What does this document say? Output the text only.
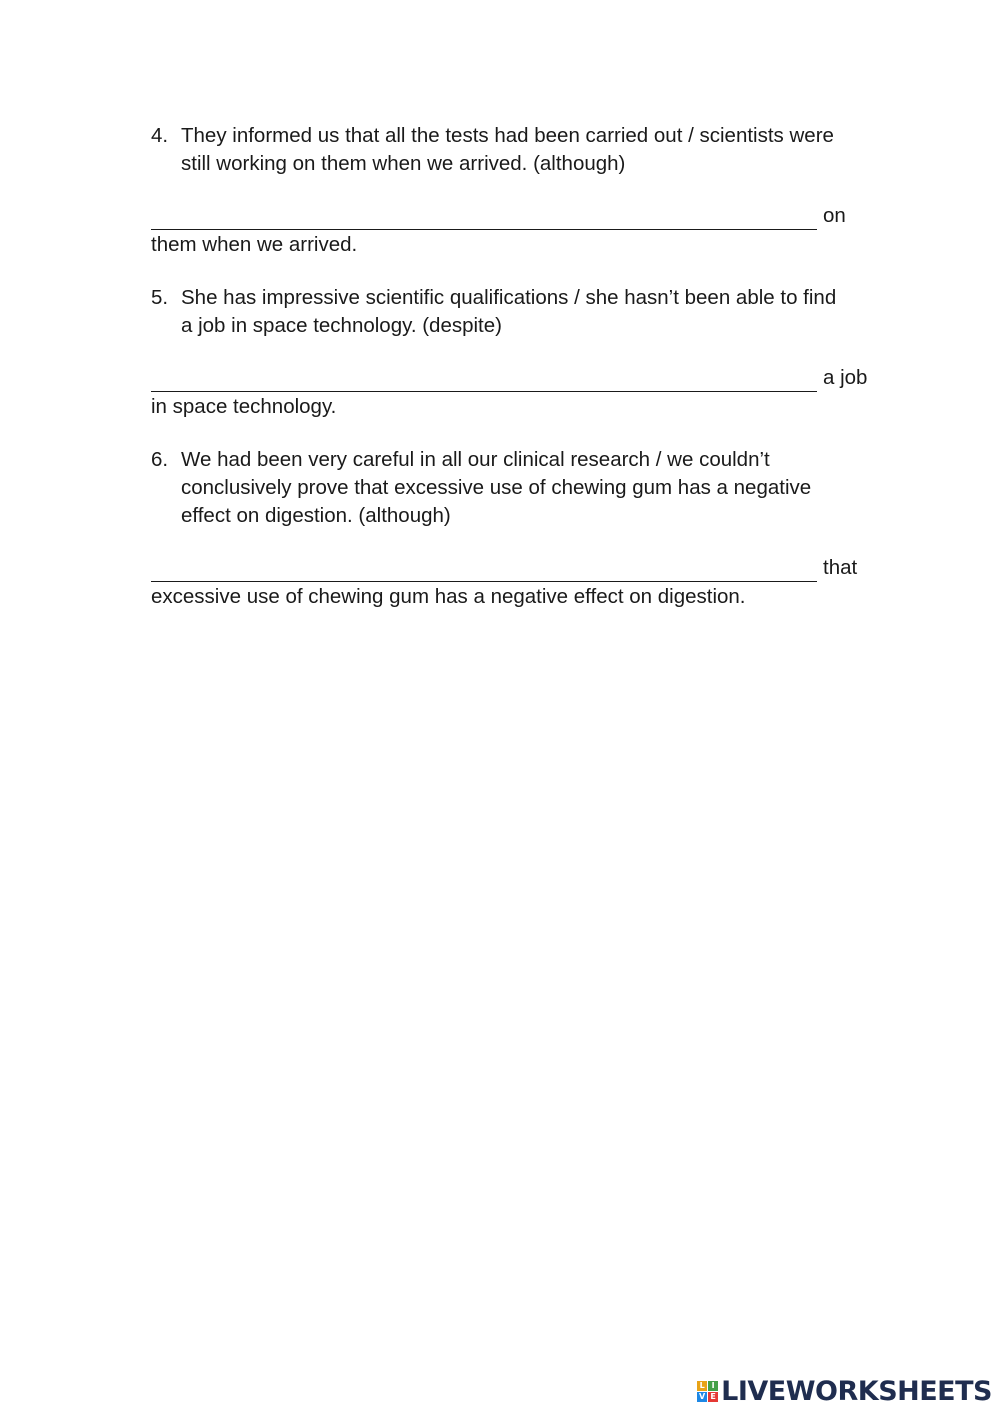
4. They informed us that all the tests had been carried out / scientists were
still working on them when we arrived. (although)
on
them when we arrived.
5. She has impressive scientific qualifications / she hasn’t been able to find
a job in space technology. (despite)
a job
in space technology.
6. We had been very careful in all our clinical research / we couldn’t
conclusively prove that excessive use of chewing gum has a negative
effect on digestion. (although)
that
excessive use of chewing gum has a negative effect on digestion.
L I
V E LIVEWORKSHEETS
